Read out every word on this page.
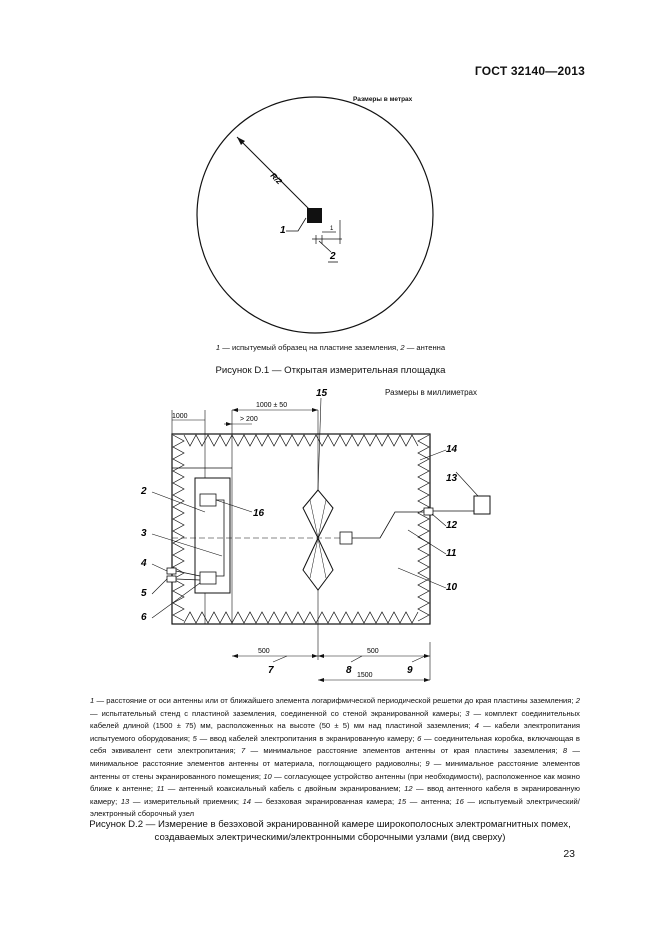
ГОСТ 32140—2013
Размеры в метрах
R/2
1
1
2
1 — испытуемый образец на пластине заземления, 2 — антенна
Рисунок D.1 — Открытая измерительная площадка
Размеры в миллиметрах
1000
1000 ± 50
> 200
500	500
1500
2
3
4
5
6
7	8	9
10
11
12
13
14
15
16
1 — расстояние от оси антенны или от ближайшего элемента логарифмической периодической решетки до края пластины заземления; 2 — испытательный стенд с пластиной заземления, соединенной со стеной экранированной камеры; 3 — комплект соединительных кабелей длиной (1500 ± 75) мм, расположенных на высоте (50 ± 5) мм над пластиной заземления; 4 — кабели электропитания испытуемого оборудования; 5 — ввод кабелей электропитания в экранированную камеру; 6 — соединительная коробка, включающая в себя эквивалент сети электропитания; 7 — минимальное расстояние элементов антенны от края пластины заземления; 8 — минимальное расстояние элементов антенны от материала, поглощающего радиоволны; 9 — минимальное расстояние элементов антенны от стены экранированного помещения; 10 — согласующее устройство антенны (при необходимости), расположенное как можно ближе к антенне; 11 — антенный коаксиальный кабель с двойным экранированием; 12 — ввод антенного кабеля в экранированную камеру; 13 — измерительный приемник; 14 — безэховая экранированная камера; 15 — антенна; 16 — испытуемый электрический/электронный сборочный узел
Рисунок D.2 — Измерение в безэховой экранированной камере широкополосных электромагнитных помех,
создаваемых электрическими/электронными сборочными узлами (вид сверху)
23
